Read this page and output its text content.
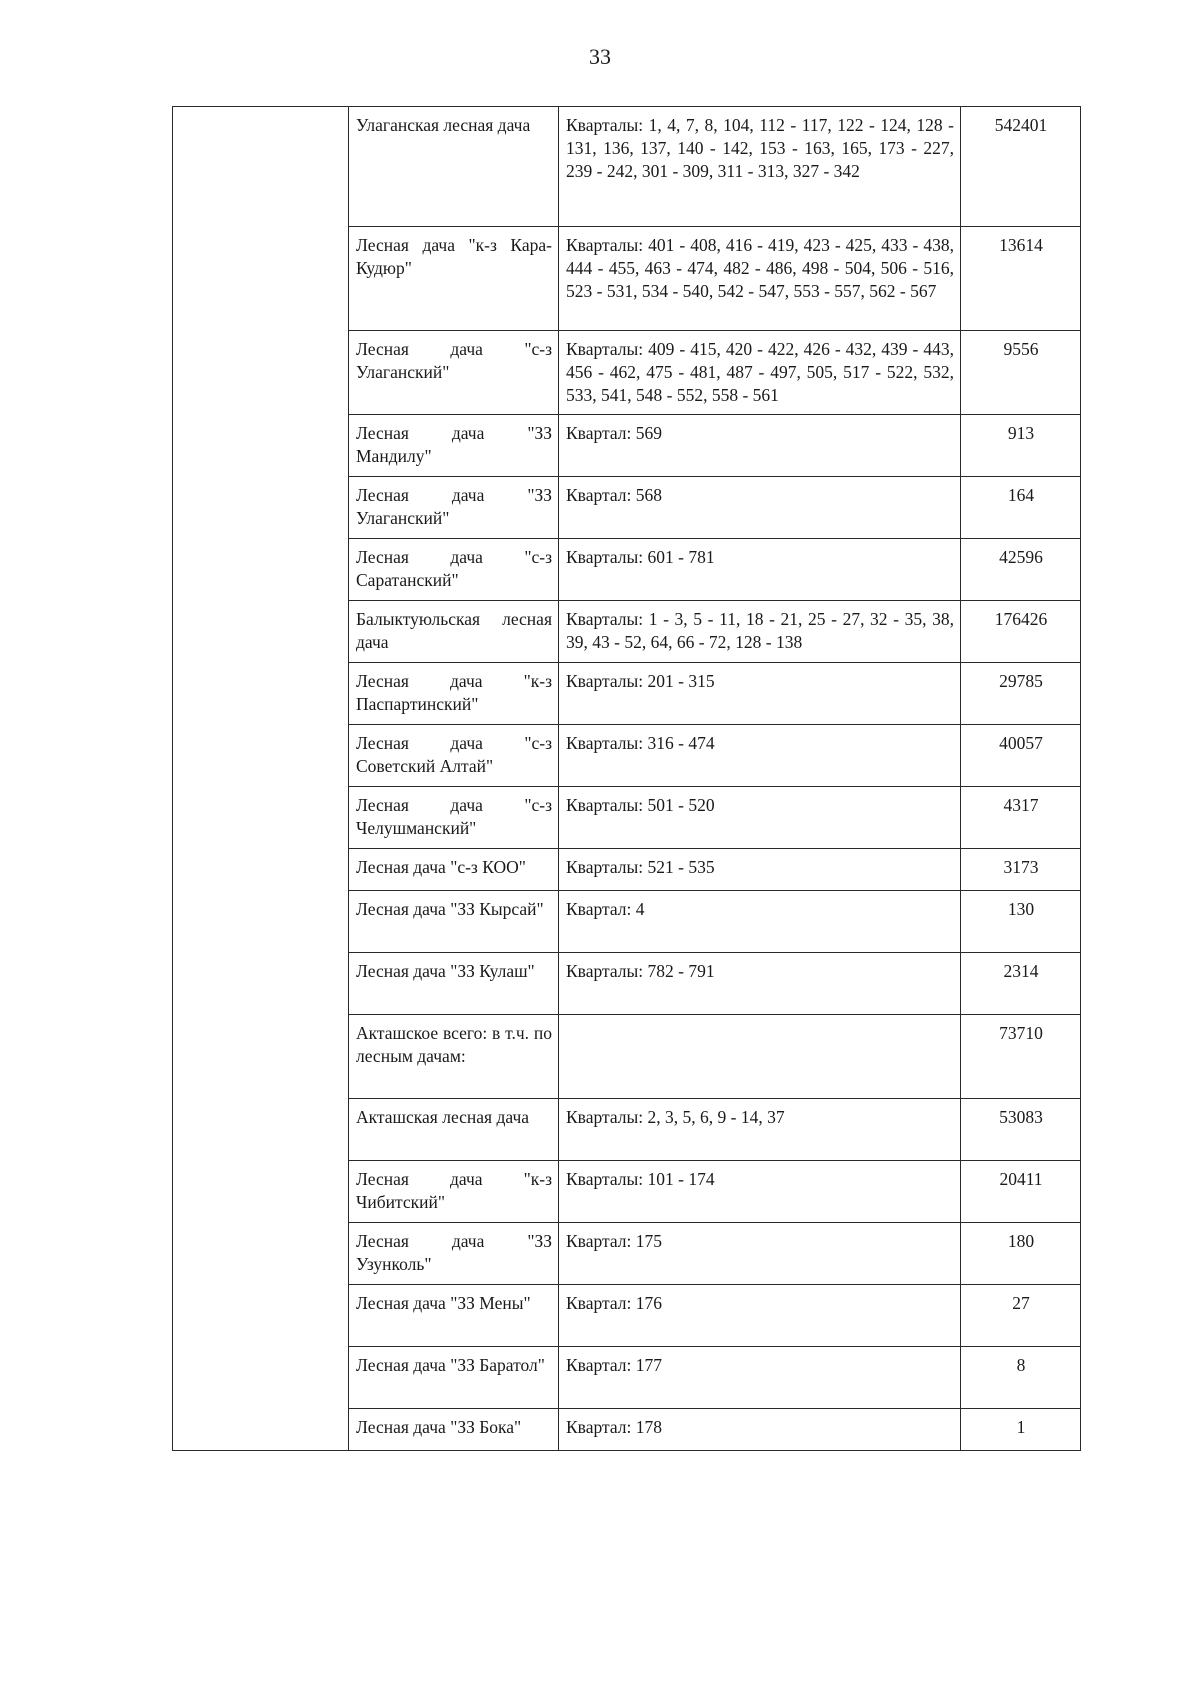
33
	Улаганская лесная дача	Кварталы: 1, 4, 7, 8, 104, 112 - 117, 122 - 124, 128 - 131, 136, 137, 140 - 142, 153 - 163, 165, 173 - 227, 239 - 242, 301 - 309, 311 - 313, 327 - 342	542401
	Лесная дача "к-з Кара-Кудюр"	Кварталы: 401 - 408, 416 - 419, 423 - 425, 433 - 438, 444 - 455, 463 - 474, 482 - 486, 498 - 504, 506 - 516, 523 - 531, 534 - 540, 542 - 547, 553 - 557, 562 - 567	13614
	Лесная дача "с-з Улаганский"	Кварталы: 409 - 415, 420 - 422, 426 - 432, 439 - 443, 456 - 462, 475 - 481, 487 - 497, 505, 517 - 522, 532, 533, 541, 548 - 552, 558 - 561	9556
	Лесная дача "ЗЗ Мандилу"	Квартал: 569	913
	Лесная дача "ЗЗ Улаганский"	Квартал: 568	164
	Лесная дача "с-з Саратанский"	Кварталы: 601 - 781	42596
	Балыктуюльская лесная дача	Кварталы: 1 - 3, 5 - 11, 18 - 21, 25 - 27, 32 - 35, 38, 39, 43 - 52, 64, 66 - 72, 128 - 138	176426
	Лесная дача "к-з Паспартинский"	Кварталы: 201 - 315	29785
	Лесная дача "с-з Советский Алтай"	Кварталы: 316 - 474	40057
	Лесная дача "с-з Челушманский"	Кварталы: 501 - 520	4317
	Лесная дача "с-з КОО"	Кварталы: 521 - 535	3173
	Лесная дача "ЗЗ Кырсай"	Квартал: 4	130
	Лесная дача "ЗЗ Кулаш"	Кварталы: 782 - 791	2314
	Акташское всего: в т.ч. по лесным дачам:		73710
	Акташская лесная дача	Кварталы: 2, 3, 5, 6, 9 - 14, 37	53083
	Лесная дача "к-з Чибитский"	Кварталы: 101 - 174	20411
	Лесная дача "ЗЗ Узунколь"	Квартал: 175	180
	Лесная дача "ЗЗ Мены"	Квартал: 176	27
	Лесная дача "ЗЗ Баратол"	Квартал: 177	8
	Лесная дача "ЗЗ Бока"	Квартал: 178	1
